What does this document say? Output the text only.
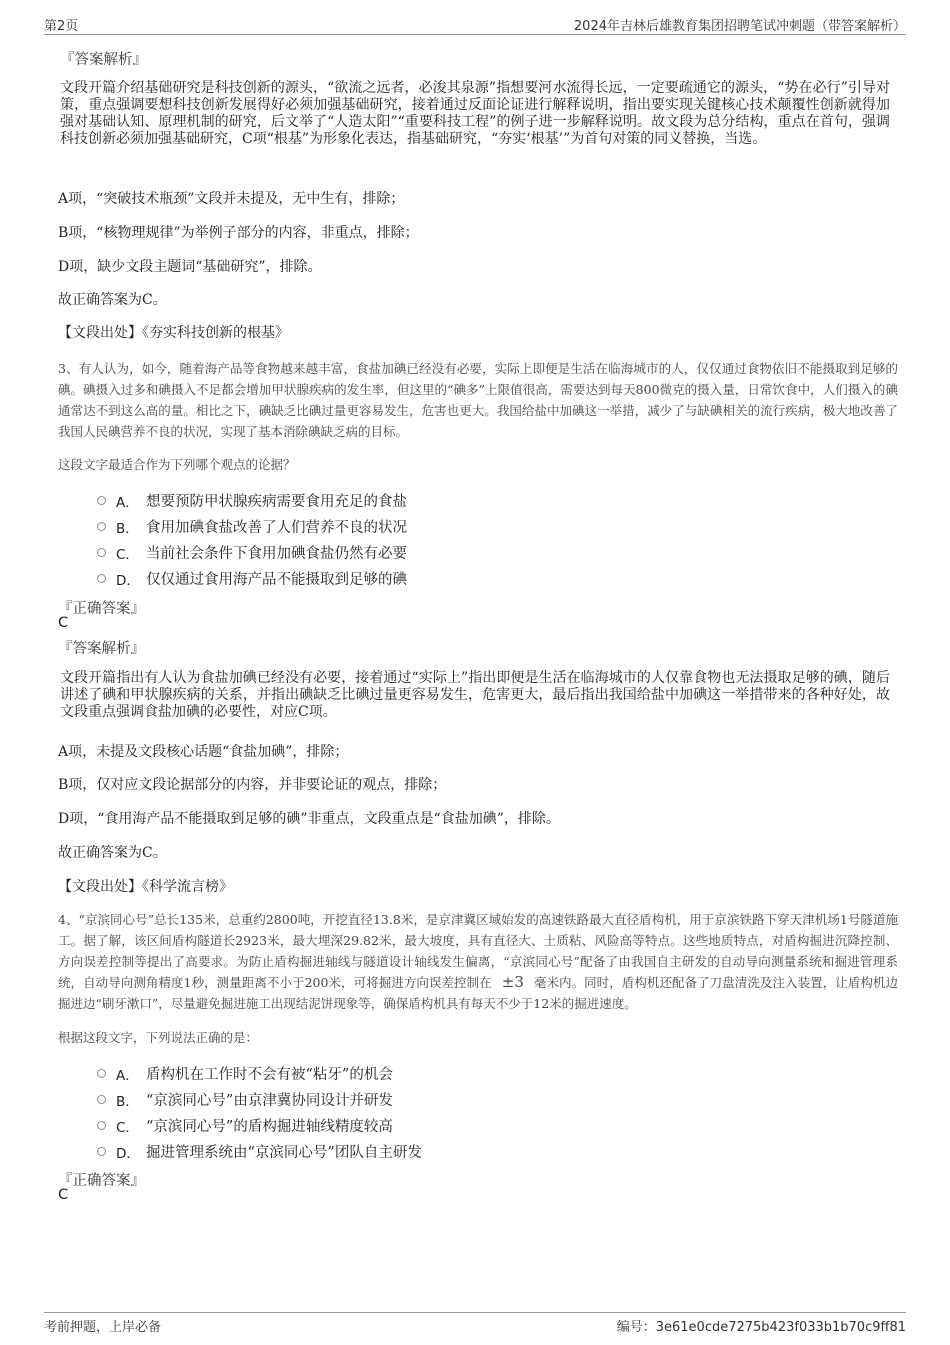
第2页	2024年吉林后雄教育集团招聘笔试冲刺题（带答案解析）
『答案解析』
文段开篇介绍基础研究是科技创新的源头，“欲流之远者，必浚其泉源”指想要河水流得长远，一定要疏通它的源头，“势在必行”引导对策，重点强调要想科技创新发展得好必须加强基础研究，接着通过反面论证进行解释说明，指出要实现关键核心技术颠覆性创新就得加强对基础认知、原理机制的研究，后文举了“人造太阳”“重要科技工程”的例子进一步解释说明。故文段为总分结构，重点在首句，强调科技创新必须加强基础研究，C项“根基”为形象化表达，指基础研究，“夯实‘根基’”为首句对策的同义替换，当选。
A项，“突破技术瓶颈”文段并未提及，无中生有，排除；
B项，“核物理规律”为举例子部分的内容，非重点，排除；
D项，缺少文段主题词“基础研究”，排除。
故正确答案为C。
【文段出处】《夯实科技创新的根基》
3、有人认为，如今，随着海产品等食物越来越丰富，食盐加碘已经没有必要，实际上即便是生活在临海城市的人，仅仅通过食物依旧不能摄取到足够的碘。碘摄入过多和碘摄入不足都会增加甲状腺疾病的发生率，但这里的“碘多”上限值很高，需要达到每天800微克的摄入量，日常饮食中，人们摄入的碘通常达不到这么高的量。相比之下，碘缺乏比碘过量更容易发生，危害也更大。我国给盐中加碘这一举措，减少了与缺碘相关的流行疾病，极大地改善了我国人民碘营养不良的状况，实现了基本消除碘缺乏病的目标。
这段文字最适合作为下列哪个观点的论据？
A． 想要预防甲状腺疾病需要食用充足的食盐
B． 食用加碘食盐改善了人们营养不良的状况
C． 当前社会条件下食用加碘食盐仍然有必要
D． 仅仅通过食用海产品不能摄取到足够的碘
『正确答案』
C
『答案解析』
文段开篇指出有人认为食盐加碘已经没有必要，接着通过“实际上”指出即便是生活在临海城市的人仅靠食物也无法摄取足够的碘，随后讲述了碘和甲状腺疾病的关系，并指出碘缺乏比碘过量更容易发生，危害更大，最后指出我国给盐中加碘这一举措带来的各种好处，故文段重点强调食盐加碘的必要性，对应C项。
A项，未提及文段核心话题“食盐加碘”，排除；
B项，仅对应文段论据部分的内容，并非要论证的观点，排除；
D项，“食用海产品不能摄取到足够的碘”非重点，文段重点是“食盐加碘”，排除。
故正确答案为C。
【文段出处】《科学流言榜》
4、“京滨同心号”总长135米，总重约2800吨，开挖直径13.8米，是京津冀区域始发的高速铁路最大直径盾构机，用于京滨铁路下穿天津机场1号隧道施工。据了解，该区间盾构隧道长2923米，最大埋深29.82米，最大坡度，具有直径大、土质粘、风险高等特点。这些地质特点，对盾构掘进沉降控制、方向误差控制等提出了高要求。为防止盾构掘进轴线与隧道设计轴线发生偏离，“京滨同心号”配备了由我国自主研发的自动导向测量系统和掘进管理系统，自动导向测角精度1秒，测量距离不小于200米，可将掘进方向误差控制在 ±3 毫米内。同时，盾构机还配备了刀盘清洗及注入装置，让盾构机边掘进边“刷牙漱口”，尽量避免掘进施工出现结泥饼现象等，确保盾构机具有每天不少于12米的掘进速度。
根据这段文字，下列说法正确的是：
A． 盾构机在工作时不会有被“粘牙”的机会
B． “京滨同心号”由京津冀协同设计并研发
C． “京滨同心号”的盾构掘进轴线精度较高
D． 掘进管理系统由“京滨同心号”团队自主研发
『正确答案』
C
考前押题，上岸必备	编号：3e61e0cde7275b423f033b1b70c9ff81
